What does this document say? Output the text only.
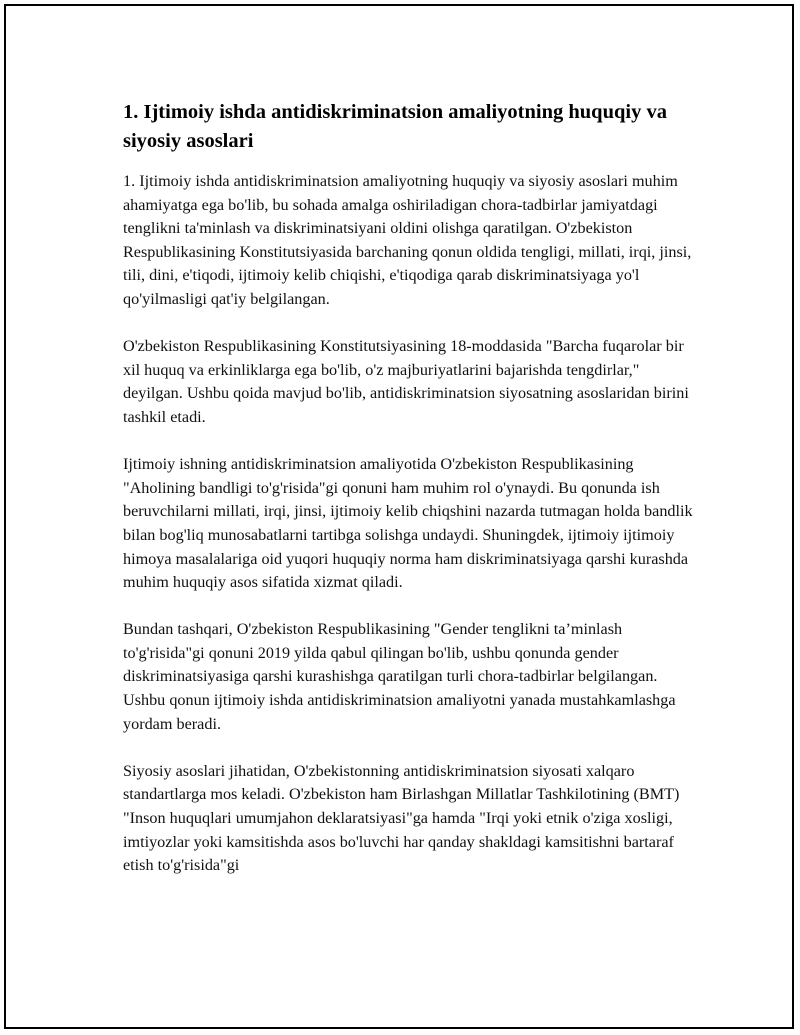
1. Ijtimoiy ishda antidiskriminatsion amaliyotning huquqiy va siyosiy asoslari

1. Ijtimoiy ishda antidiskriminatsion amaliyotning huquqiy va siyosiy asoslari muhim ahamiyatga ega bo'lib, bu sohada amalga oshiriladigan chora-tadbirlar jamiyatdagi tenglikni ta'minlash va diskriminatsiyani oldini olishga qaratilgan. O'zbekiston Respublikasining Konstitutsiyasida barchaning qonun oldida tengligi, millati, irqi, jinsi, tili, dini, e'tiqodi, ijtimoiy kelib chiqishi, e'tiqodiga qarab diskriminatsiyaga yo'l qo'yilmasligi qat'iy belgilangan.

O'zbekiston Respublikasining Konstitutsiyasining 18-moddasida "Barcha fuqarolar bir xil huquq va erkinliklarga ega bo'lib, o'z majburiyatlarini bajarishda tengdirlar," deyilgan. Ushbu qoida mavjud bo'lib, antidiskriminatsion siyosatning asoslaridan birini tashkil etadi.

Ijtimoiy ishning antidiskriminatsion amaliyotida O'zbekiston Respublikasining "Aholining bandligi to'g'risida"gi qonuni ham muhim rol o'ynaydi. Bu qonunda ish beruvchilarni millati, irqi, jinsi, ijtimoiy kelib chiqshini nazarda tutmagan holda bandlik bilan bog'liq munosabatlarni tartibga solishga undaydi. Shuningdek, ijtimoiy ijtimoiy himoya masalalariga oid yuqori huquqiy norma ham diskriminatsiyaga qarshi kurashda muhim huquqiy asos sifatida xizmat qiladi.

Bundan tashqari, O'zbekiston Respublikasining "Gender tenglikni taʼminlash to'g'risida"gi qonuni 2019 yilda qabul qilingan bo'lib, ushbu qonunda gender diskriminatsiyasiga qarshi kurashishga qaratilgan turli chora-tadbirlar belgilangan. Ushbu qonun ijtimoiy ishda antidiskriminatsion amaliyotni yanada mustahkamlashga yordam beradi.

Siyosiy asoslari jihatidan, O'zbekistonning antidiskriminatsion siyosati xalqaro standartlarga mos keladi. O'zbekiston ham Birlashgan Millatlar Tashkilotining (BMT) "Inson huquqlari umumjahon deklaratsiyasi"ga hamda "Irqi yoki etnik o'ziga xosligi, imtiyozlar yoki kamsitishda asos bo'luvchi har qanday shakldagi kamsitishni bartaraf etish to'g'risida"gi
